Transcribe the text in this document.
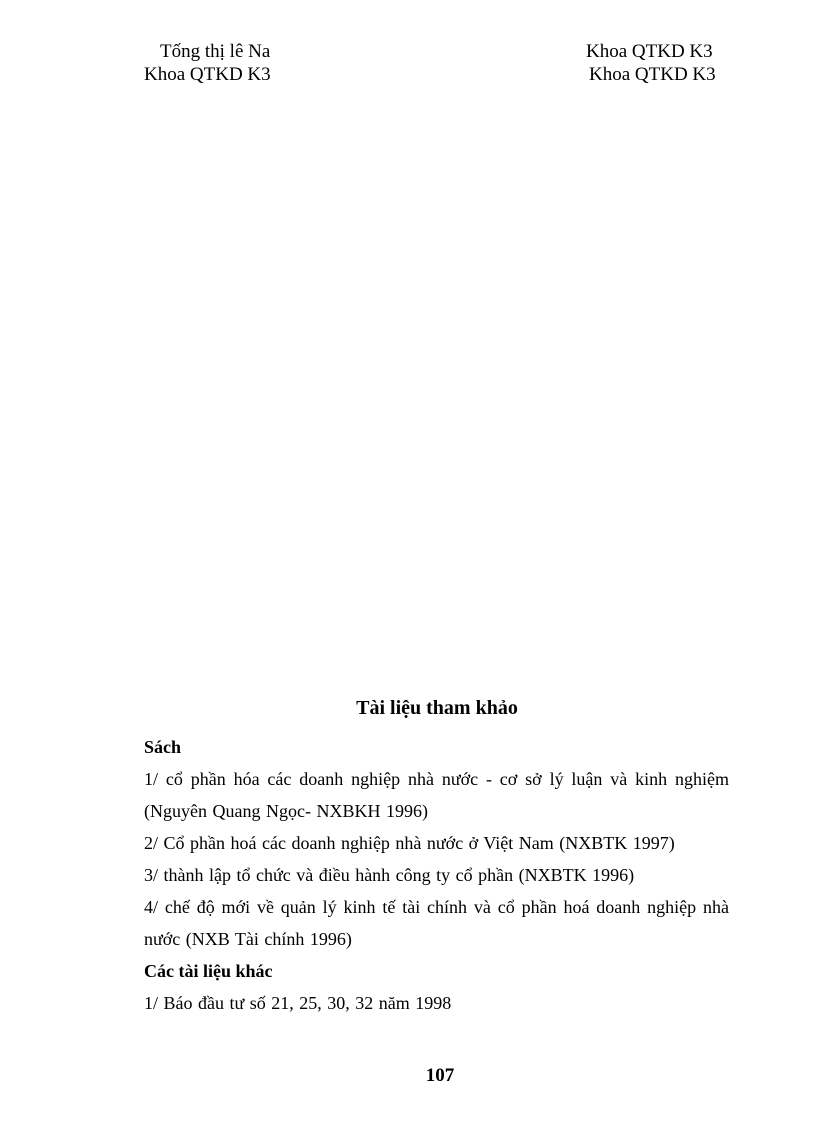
Tống thị lê Na
Khoa QTKD K3
Khoa QTKD K3
Khoa QTKD K3
Tài liệu tham khảo

Sách

1/ cổ phần hóa các doanh nghiệp nhà nước - cơ sở lý luận và kinh nghiệm (Nguyên Quang Ngọc- NXBKH 1996)

2/ Cổ phần hoá các doanh nghiệp nhà nước ở Việt Nam (NXBTK 1997)

3/ thành lập tổ chức và điều hành công ty cổ phần (NXBTK 1996)

4/ chế độ mới về quản lý kinh tế tài chính và cổ phần hoá doanh nghiệp nhà nước (NXB Tài chính 1996)

Các tài liệu khác

1/ Báo đầu tư số 21, 25, 30, 32 năm 1998

107
